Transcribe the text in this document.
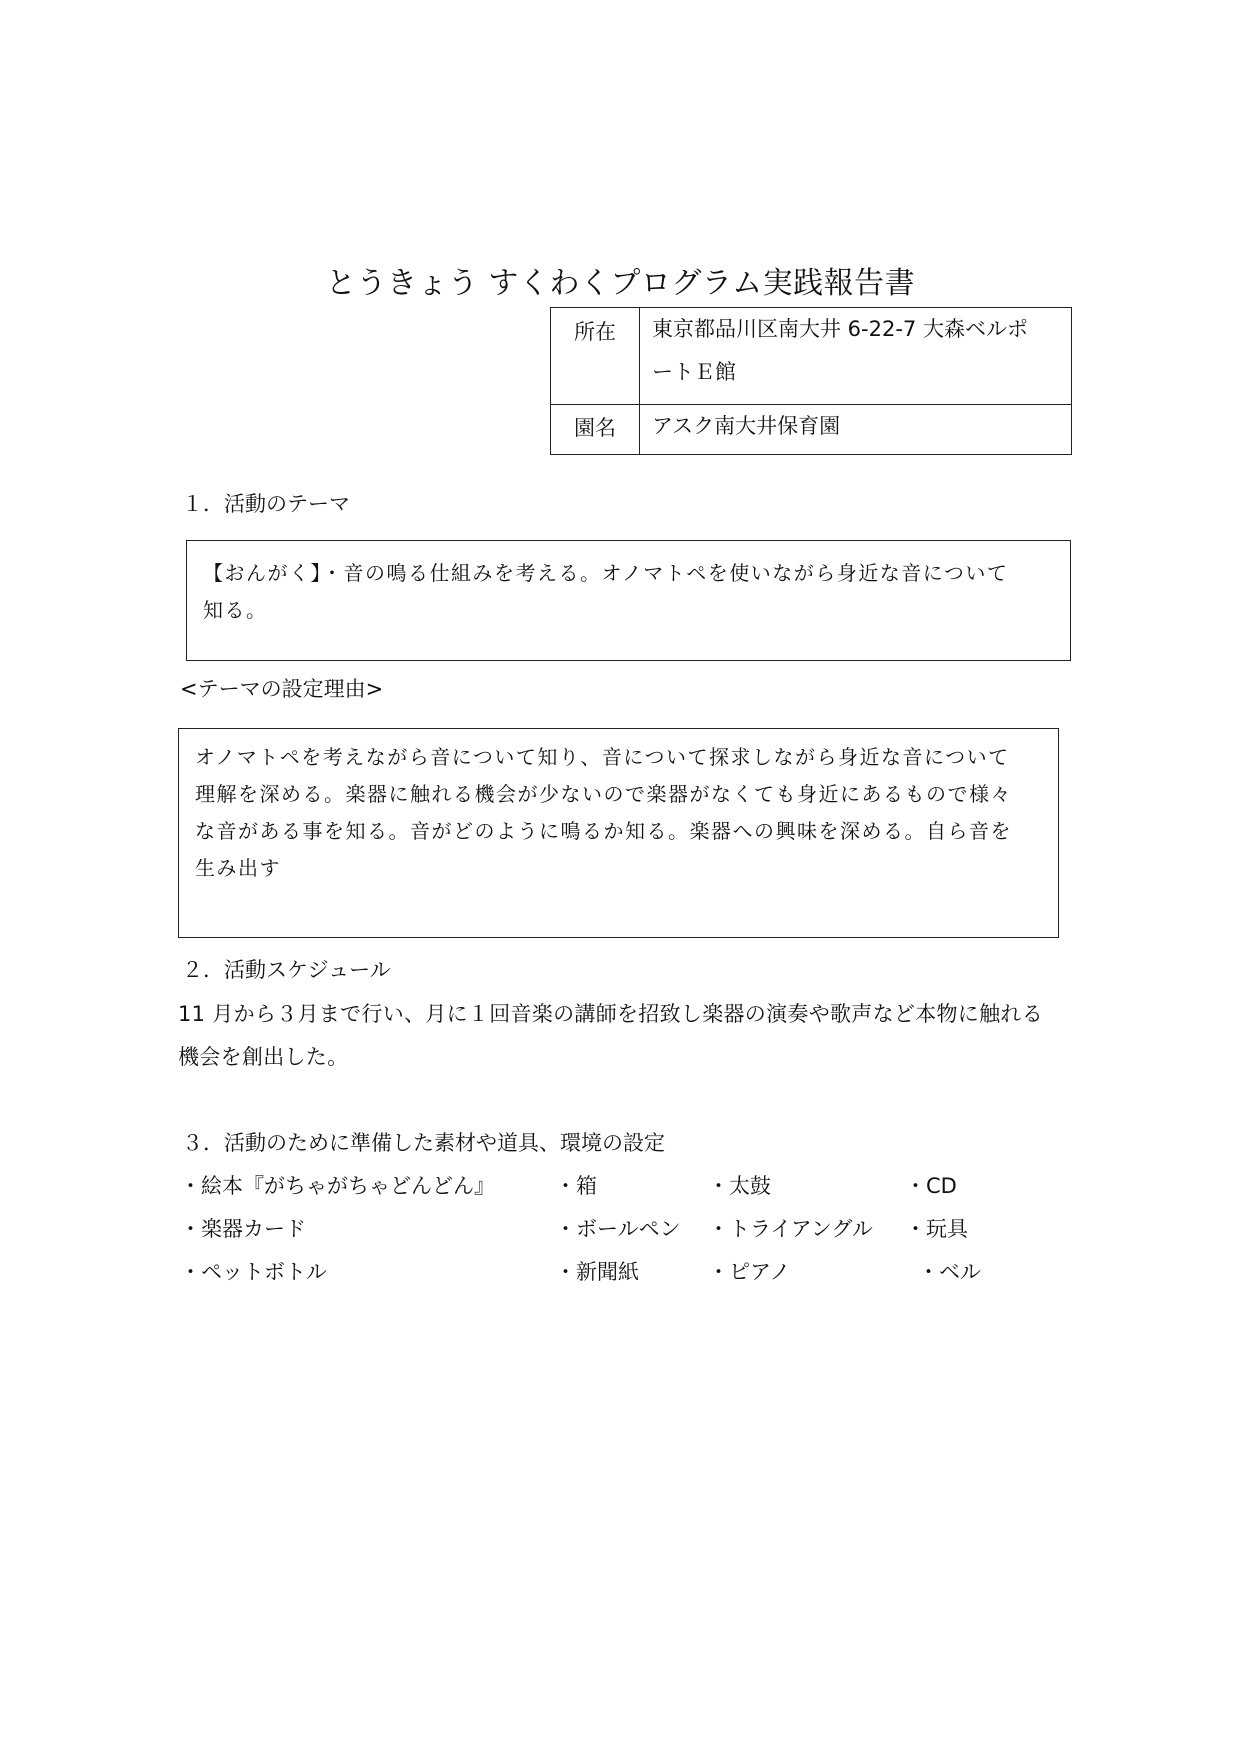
とうきょう すくわくプログラム実践報告書
所在	東京都品川区南大井 6-22-7 大森ベルポ
ートＥ館

園名	アスク南大井保育園
１．活動のテーマ
【おんがく】・音の鳴る仕組みを考える。オノマトペを使いながら身近な音について
知る。
<テーマの設定理由>
オノマトペを考えながら音について知り、音について探求しながら身近な音について
理解を深める。楽器に触れる機会が少ないので楽器がなくても身近にあるもので様々
な音がある事を知る。音がどのように鳴るか知る。楽器への興味を深める。自ら音を
生み出す
２．活動スケジュール
11 月から３月まで行い、月に１回音楽の講師を招致し楽器の演奏や歌声など本物に触れる
機会を創出した。
３．活動のために準備した素材や道具、環境の設定
・絵本『がちゃがちゃどんどん』	・箱	・太鼓	・CD
・楽器カード	・ボールペン ・トライアングル ・玩具
・ペットボトル	・新聞紙	・ピアノ	・ベル
